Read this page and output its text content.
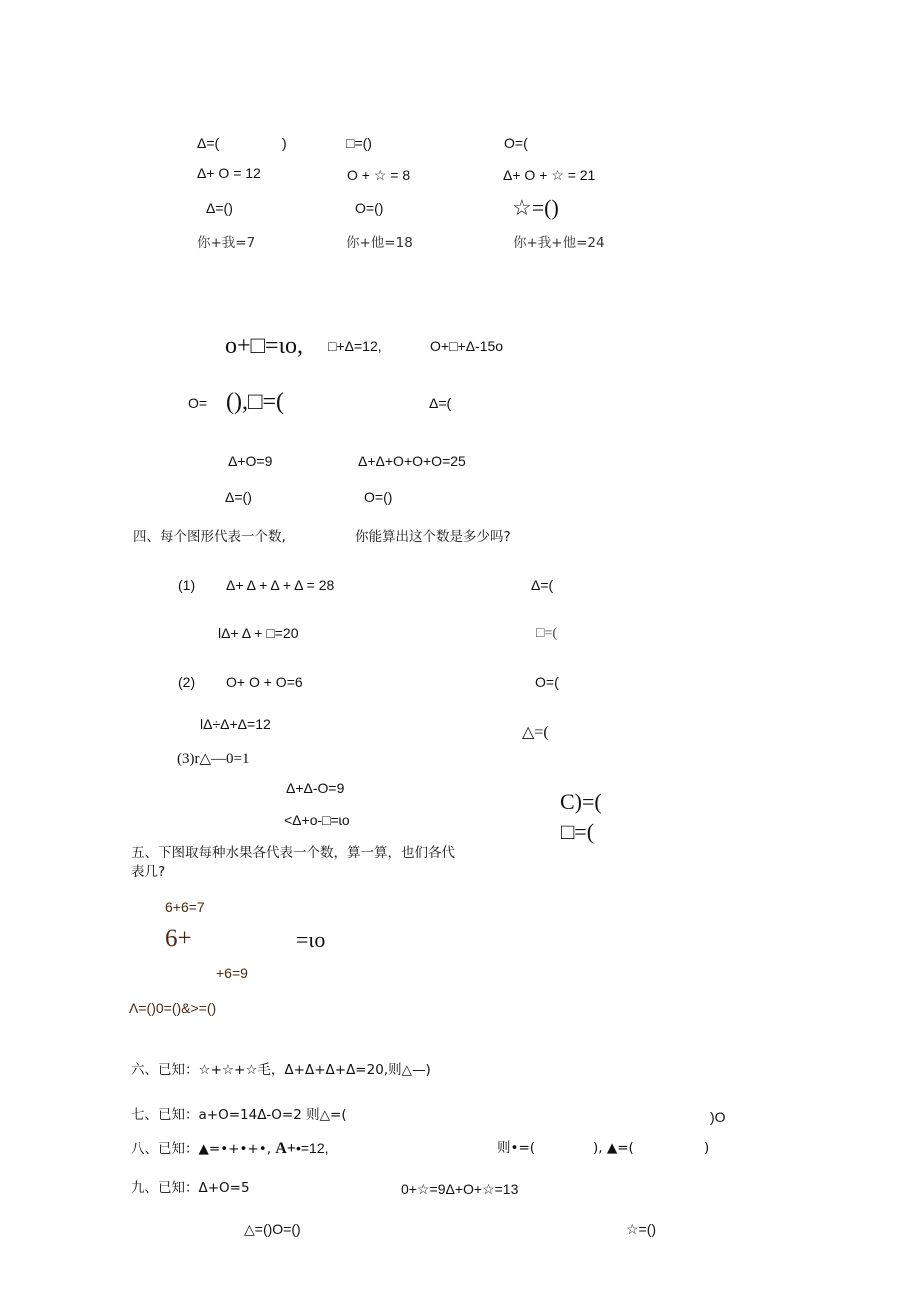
Δ=(	)	□=()	O=(
Δ+ O = 12	O + ☆ = 8	Δ+ O + ☆ = 21
Δ=()	O=()	☆=()
你+我=7	你+他=18	你+我+他=24
o+□=ɩo, □+Δ=12,	O+□+Δ-15o
O= (),□=(	Δ=(
Δ+O=9	Δ+Δ+O+O+O=25
Δ=()	O=()
四、每个图形代表一个数,	你能算出这个数是多少吗?
(1) Δ+ Δ + Δ + Δ = 28	Δ=(
lΔ+ Δ + □=20	□=(
(2) O+ O + O=6	O=(
lΔ÷Δ+Δ=12	△=(
(3)r△—0=1
Δ+Δ-O=9
<Δ+o-□=ɩo
C)=(
□=(
五、下图取每种水果各代表一个数，算一算，也们各代
表几?
6+6=7
6+	=ɩo
+6=9
Λ=()0=()&>=()
六、已知：☆+☆+☆毛，Δ+Δ+Δ+Δ=20,则△—)
七、已知：a+O=14Δ-O=2 则△=(	)O
八、已知：▲=•+•+•, A+•=12,	则•=(	), ▲=(	)
九、已知：Δ+O=5	0+☆=9Δ+O+☆=13
△=()O=()	☆=()
